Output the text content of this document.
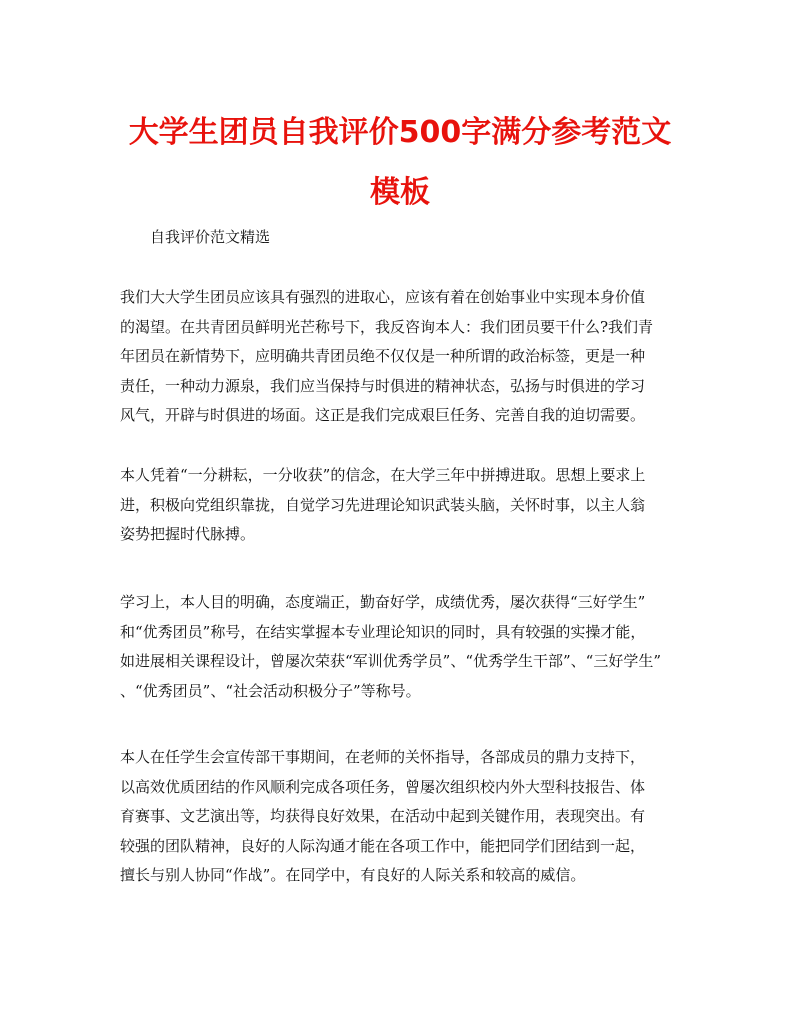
大学生团员自我评价500字满分参考范文
模板

自我评价范文精选

我们大大学生团员应该具有强烈的进取心，应该有着在创始事业中实现本身价值
的渴望。在共青团员鲜明光芒称号下，我反咨询本人：我们团员要干什么?我们青
年团员在新情势下，应明确共青团员绝不仅仅是一种所谓的政治标签，更是一种
责任，一种动力源泉，我们应当保持与时俱进的精神状态，弘扬与时俱进的学习
风气，开辟与时俱进的场面。这正是我们完成艰巨任务、完善自我的迫切需要。
本人凭着“一分耕耘，一分收获”的信念，在大学三年中拼搏进取。思想上要求上
进，积极向党组织靠拢，自觉学习先进理论知识武装头脑，关怀时事，以主人翁
姿势把握时代脉搏。
学习上，本人目的明确，态度端正，勤奋好学，成绩优秀，屡次获得“三好学生”
和“优秀团员”称号，在结实掌握本专业理论知识的同时，具有较强的实操才能，
如进展相关课程设计，曾屡次荣获“军训优秀学员”、“优秀学生干部”、“三好学生”
、“优秀团员”、“社会活动积极分子”等称号。
本人在任学生会宣传部干事期间，在老师的关怀指导，各部成员的鼎力支持下，
以高效优质团结的作风顺利完成各项任务，曾屡次组织校内外大型科技报告、体
育赛事、文艺演出等，均获得良好效果，在活动中起到关键作用，表现突出。有
较强的团队精神，良好的人际沟通才能在各项工作中，能把同学们团结到一起，
擅长与别人协同“作战”。在同学中，有良好的人际关系和较高的威信。
